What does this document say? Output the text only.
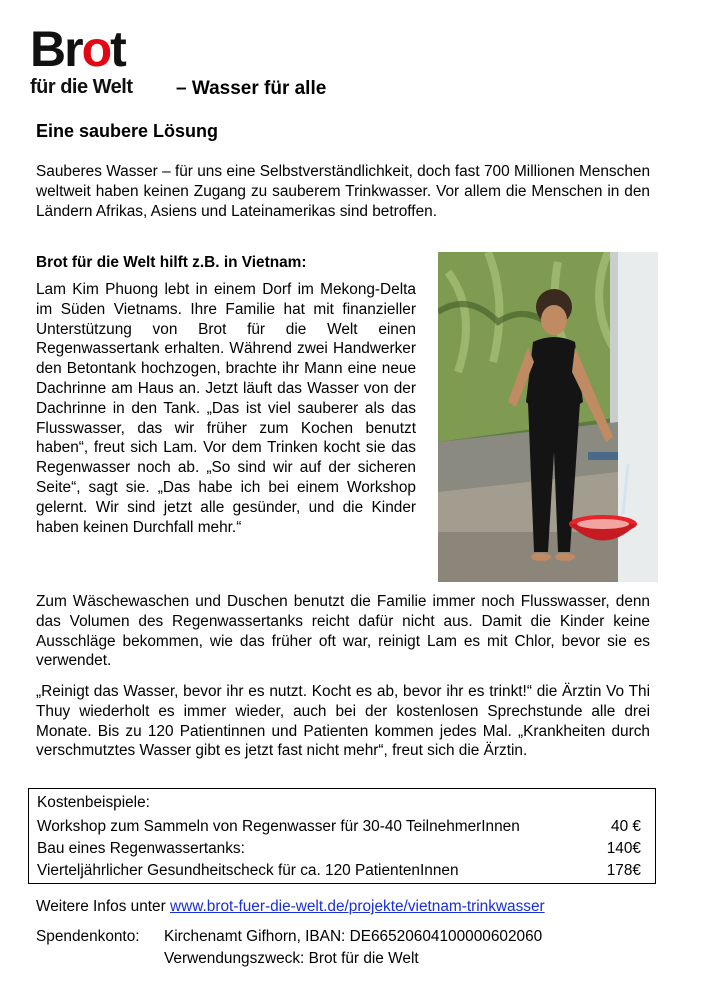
Brot
für die Welt – Wasser für alle
Eine saubere Lösung

Sauberes Wasser – für uns eine Selbstverständlichkeit, doch fast 700 Millionen Menschen weltweit haben keinen Zugang zu sauberem Trinkwasser. Vor allem die Menschen in den Ländern Afrikas, Asiens und Lateinamerikas sind betroffen.

Brot für die Welt hilft z.B. in Vietnam:

Lam Kim Phuong lebt in einem Dorf im Mekong-Delta im Süden Vietnams. Ihre Familie hat mit finanzieller Unterstützung von Brot für die Welt einen Regenwassertank erhalten. Während zwei Handwerker den Betontank hochzogen, brachte ihr Mann eine neue Dachrinne am Haus an. Jetzt läuft das Wasser von der Dachrinne in den Tank. „Das ist viel sauberer als das Flusswasser, das wir früher zum Kochen benutzt haben“, freut sich Lam. Vor dem Trinken kocht sie das Regenwasser noch ab. „So sind wir auf der sicheren Seite“, sagt sie. „Das habe ich bei einem Workshop gelernt. Wir sind jetzt alle gesünder, und die Kinder haben keinen Durchfall mehr.“

Zum Wäschewaschen und Duschen benutzt die Familie immer noch Flusswasser, denn das Volumen des Regenwassertanks reicht dafür nicht aus. Damit die Kinder keine Ausschläge bekommen, wie das früher oft war, reinigt Lam es mit Chlor, bevor sie es verwendet.

„Reinigt das Wasser, bevor ihr es nutzt. Kocht es ab, bevor ihr es trinkt!“ die Ärztin Vo Thi Thuy wiederholt es immer wieder, auch bei der kostenlosen Sprechstunde alle drei Monate. Bis zu 120 Patientinnen und Patienten kommen jedes Mal. „Krankheiten durch verschmutztes Wasser gibt es jetzt fast nicht mehr“, freut sich die Ärztin.

Kostenbeispiele:
Workshop zum Sammeln von Regenwasser für 30-40 TeilnehmerInnen	40 €
Bau eines Regenwassertanks:	140€
Vierteljährlicher Gesundheitscheck für ca. 120 PatientenInnen	178€
Weitere Infos unter www.brot-fuer-die-welt.de/projekte/vietnam-trinkwasser
Spendenkonto: Kirchenamt Gifhorn, IBAN: DE66520604100000602060
Verwendungszweck: Brot für die Welt
